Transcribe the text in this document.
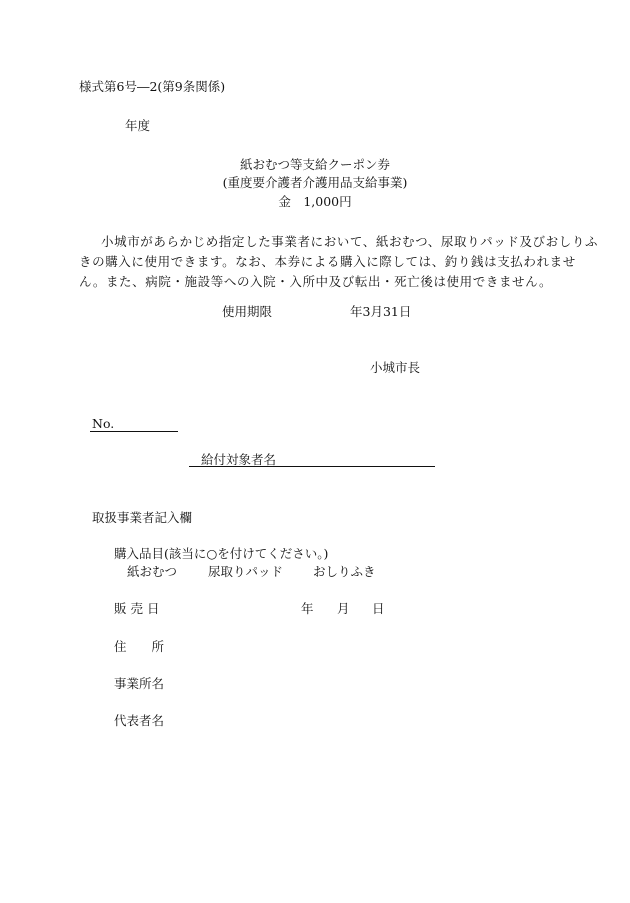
様式第6号―2(第9条関係)
年度
紙おむつ等支給クーポン券
(重度要介護者介護用品支給事業)
金　1,000円

小城市があらかじめ指定した事業者において、紙おむつ、尿取りパッド及びおしりふ

きの購入に使用できます。なお、本券による購入に際しては、釣り銭は支払われませ

ん。また、病院・施設等への入院・入所中及び転出・死亡後は使用できません。

使用期限	年3月31日
小城市長
No.
給付対象者名
取扱事業者記入欄
購入品目(該当に○を付けてください。)
紙おむつ 尿取りパッド おしりふき
販 売 日	年 月 日
住　　所
事業所名
代表者名
